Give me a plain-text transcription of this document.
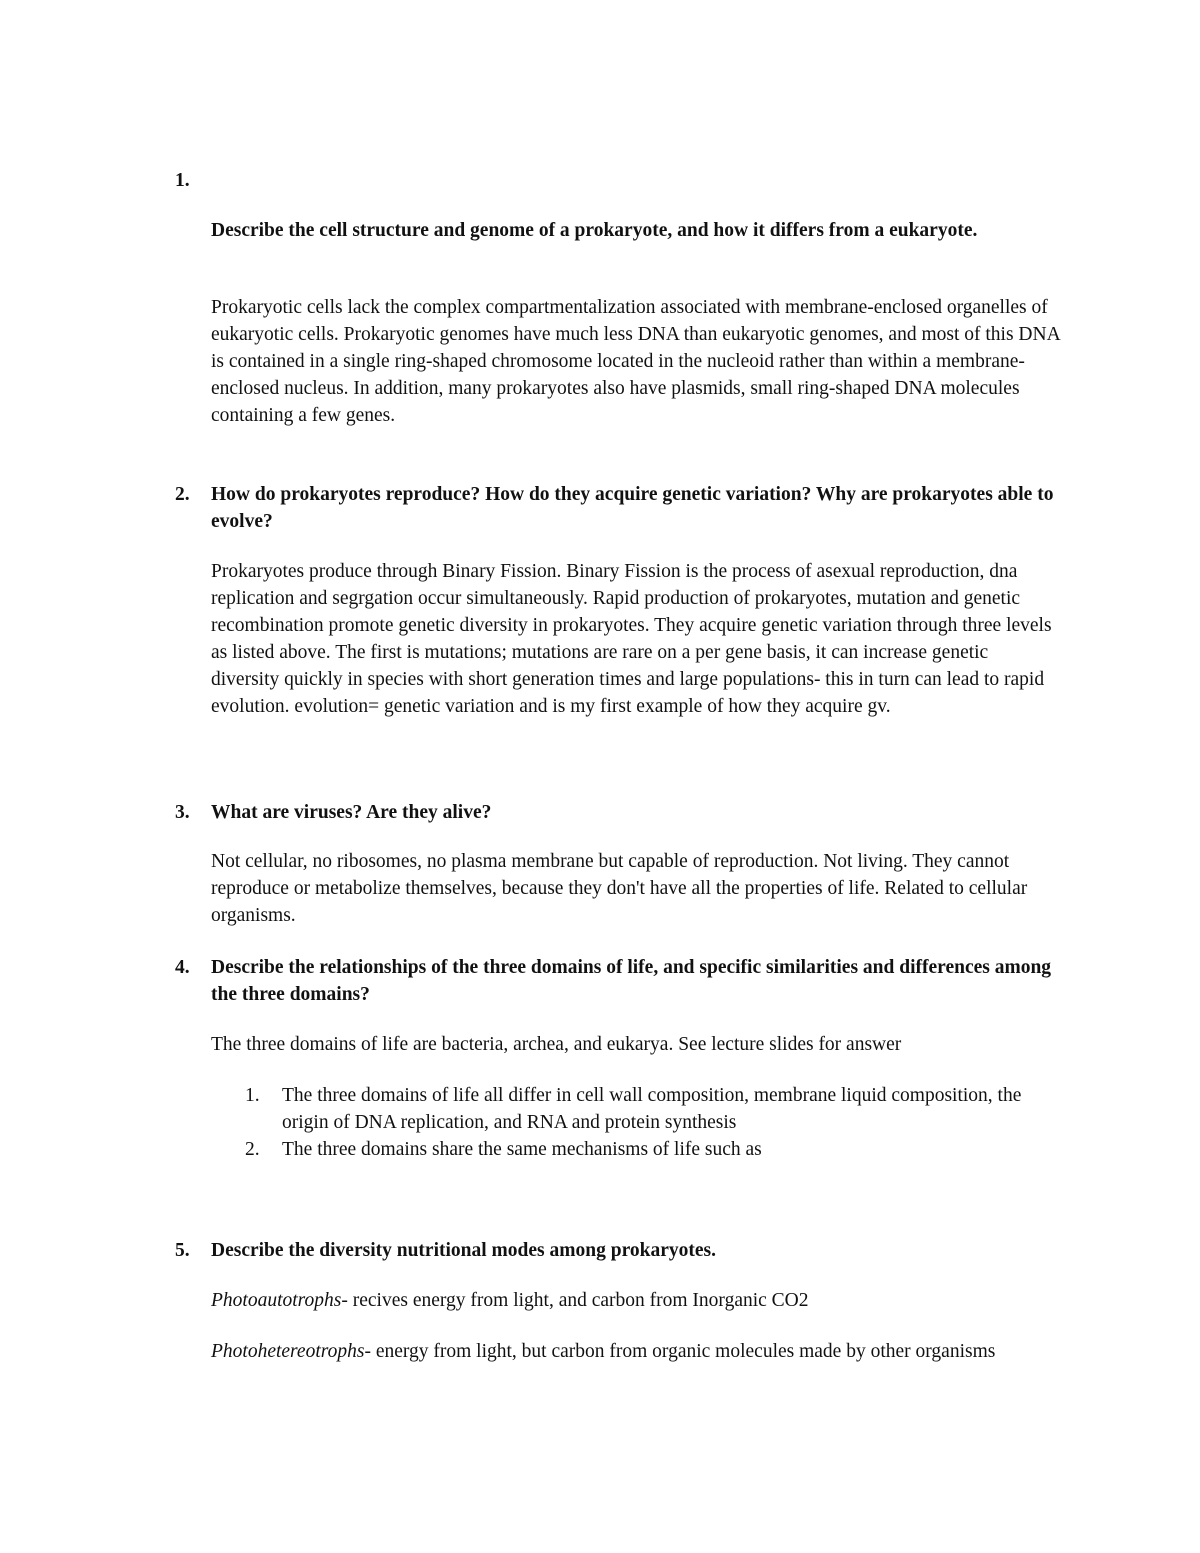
1.
Describe the cell structure and genome of a prokaryote, and how it differs from a eukaryote.
Prokaryotic cells lack the complex compartmentalization associated with membrane-enclosed organelles of eukaryotic cells. Prokaryotic genomes have much less DNA than eukaryotic genomes, and most of this DNA is contained in a single ring-shaped chromosome located in the nucleoid rather than within a membrane-enclosed nucleus. In addition, many prokaryotes also have plasmids, small ring-shaped DNA molecules containing a few genes.
2.	How do prokaryotes reproduce? How do they acquire genetic variation? Why are prokaryotes able to evolve?
Prokaryotes produce through Binary Fission. Binary Fission is the process of asexual reproduction, dna replication and segrgation occur simultaneously. Rapid production of prokaryotes, mutation and genetic recombination promote genetic diversity in prokaryotes. They acquire genetic variation through three levels as listed above. The first is mutations; mutations are rare on a per gene basis, it can increase genetic diversity quickly in species with short generation times and large populations- this in turn can lead to rapid evolution. evolution= genetic variation and is my first example of how they acquire gv.
3.	What are viruses? Are they alive?
Not cellular, no ribosomes, no plasma membrane but capable of reproduction. Not living. They cannot reproduce or metabolize themselves, because they don't have all the properties of life. Related to cellular organisms.
4.	Describe the relationships of the three domains of life, and specific similarities and differences among the three domains?
The three domains of life are bacteria, archea, and eukarya. See lecture slides for answer
1.	The three domains of life all differ in cell wall composition, membrane liquid composition, the origin of DNA replication, and RNA and protein synthesis
2.	The three domains share the same mechanisms of life such as
5.	Describe the diversity nutritional modes among prokaryotes.
Photoautotrophs- recives energy from light, and carbon from Inorganic CO2
Photohetereotrophs- energy from light, but carbon from organic molecules made by other organisms
